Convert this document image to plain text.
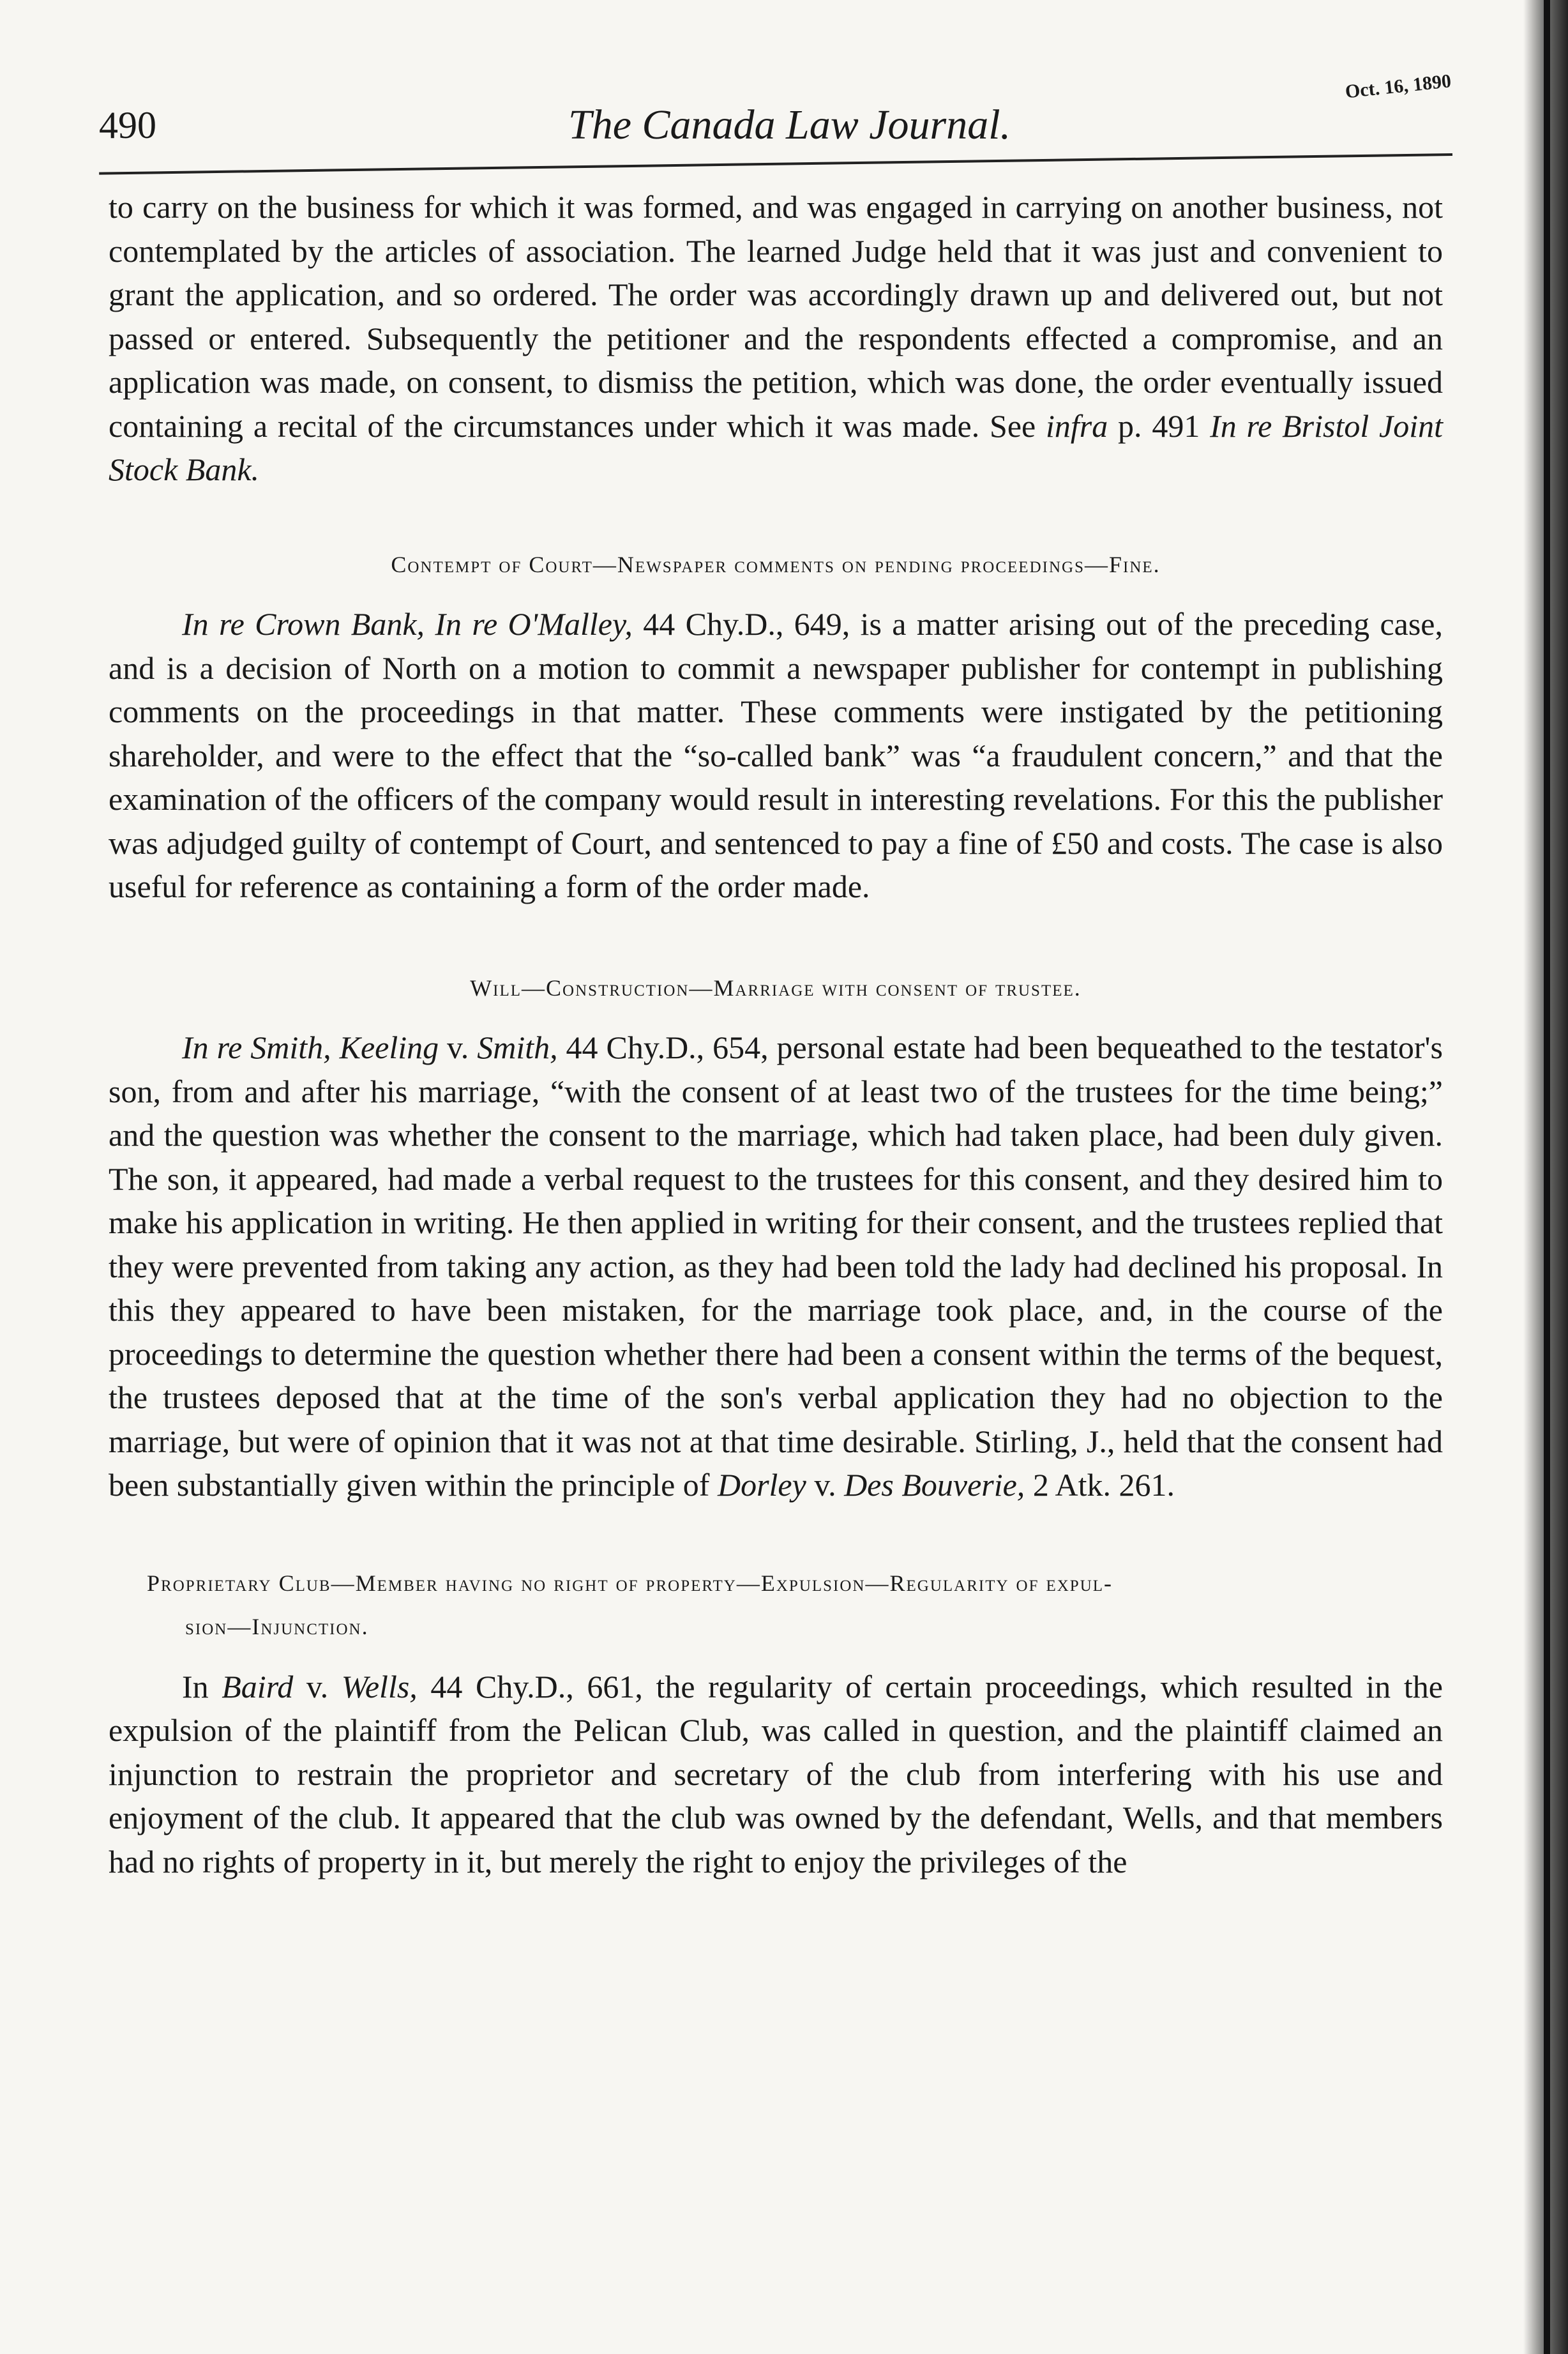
490	The Canada Law Journal.
Oct. 16, 1890

to carry on the business for which it was formed, and was engaged in carrying on another business, not contemplated by the articles of association. The learned Judge held that it was just and convenient to grant the application, and so ordered. The order was accordingly drawn up and delivered out, but not passed or entered. Subsequently the petitioner and the respondents effected a compromise, and an application was made, on consent, to dismiss the petition, which was done, the order eventually issued containing a recital of the circumstances under which it was made. See infra p. 491 In re Bristol Joint Stock Bank.

Contempt of Court—Newspaper comments on pending proceedings—Fine.

In re Crown Bank, In re O'Malley, 44 Chy.D., 649, is a matter arising out of the preceding case, and is a decision of North on a motion to commit a newspaper publisher for contempt in publishing comments on the proceedings in that matter. These comments were instigated by the petitioning shareholder, and were to the effect that the “so-called bank” was “a fraudulent concern,” and that the examination of the officers of the company would result in interesting revelations. For this the publisher was adjudged guilty of contempt of Court, and sentenced to pay a fine of £50 and costs. The case is also useful for reference as containing a form of the order made.

Will—Construction—Marriage with consent of trustee.

In re Smith, Keeling v. Smith, 44 Chy.D., 654, personal estate had been bequeathed to the testator's son, from and after his marriage, “with the consent of at least two of the trustees for the time being;” and the question was whether the consent to the marriage, which had taken place, had been duly given. The son, it appeared, had made a verbal request to the trustees for this consent, and they desired him to make his application in writing. He then applied in writing for their consent, and the trustees replied that they were prevented from taking any action, as they had been told the lady had declined his proposal. In this they appeared to have been mistaken, for the marriage took place, and, in the course of the proceedings to determine the question whether there had been a consent within the terms of the bequest, the trustees deposed that at the time of the son's verbal application they had no objection to the marriage, but were of opinion that it was not at that time desirable. Stirling, J., held that the consent had been substantially given within the principle of Dorley v. Des Bouverie, 2 Atk. 261.

Proprietary Club—Member having no right of property—Expulsion—Regularity of expul-
sion—Injunction.

In Baird v. Wells, 44 Chy.D., 661, the regularity of certain proceedings, which resulted in the expulsion of the plaintiff from the Pelican Club, was called in question, and the plaintiff claimed an injunction to restrain the proprietor and secretary of the club from interfering with his use and enjoyment of the club. It appeared that the club was owned by the defendant, Wells, and that members had no rights of property in it, but merely the right to enjoy the privileges of the
